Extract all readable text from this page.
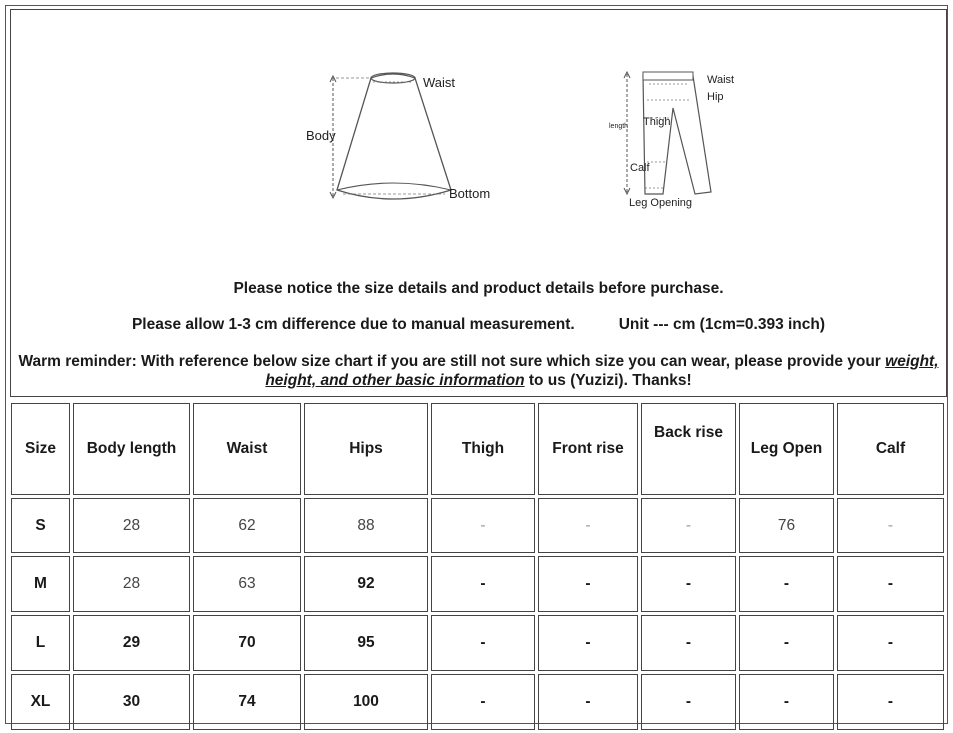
Waist
Body
Bottom
Waist
Hip
length Thigh
Calf
Leg Opening
Please notice the size details and product details before purchase.
Please allow 1-3 cm difference due to manual measurement.	Unit --- cm (1cm=0.393 inch)
Warm reminder: With reference below size chart if you are still not sure which size you can wear, please provide your weight, height, and other basic information to us (Yuzizi). Thanks!
Size	Body length	Waist	Hips	Thigh	Front rise	Back rise	Leg Open	Calf
S	28	62	88	-	-	-	76	-
M	28	63	92	-	-	-	-	-
L	29	70	95	-	-	-	-	-
XL	30	74	100	-	-	-	-	-
